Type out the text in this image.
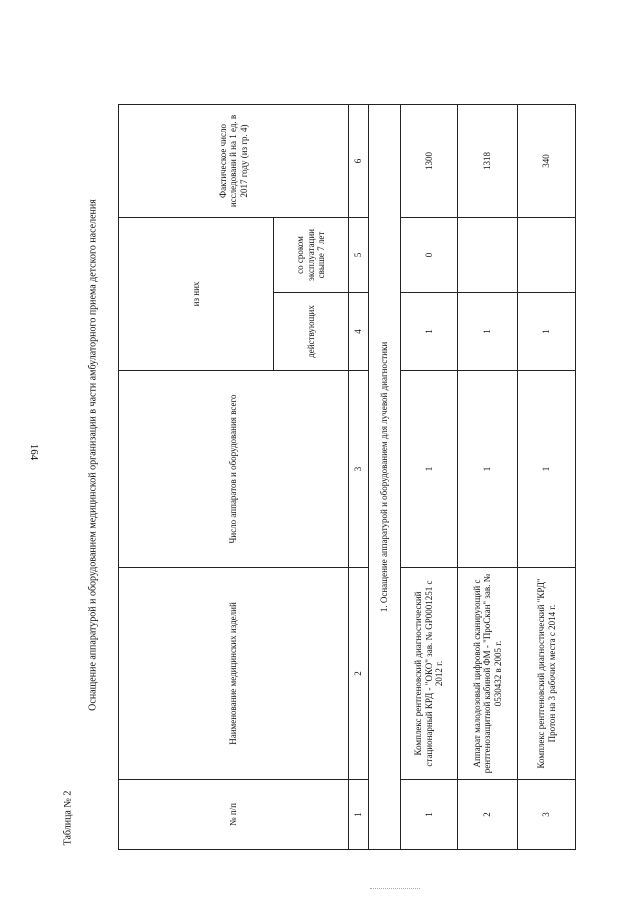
164
Таблица № 2
Оснащение аппаратурой и оборудованием медицинской организации в части амбулаторного приема детского населения
№ п/п	Наименование медицинских изделий	Число аппаратов и оборудования всего	из них		Фактическое число исследовани й на 1 ед. в 2017 году (из гр. 4)
			действующих	со сроком эксплуатации свыше 7 лет	
1	2	3	4	5	6
1. Оснащение аппаратурой и оборудованием для лучевой диагностики					
1	Комплекс рентгеновский диагностический стационарный КРД - "ОКО" зав. № GP0001251 с 2012 г.	1	1	0	1300
2	Аппарат малодозовый цифровой сканирующий с рентгенозащитной кабиной ФМ - "ПроСкан" зав. № 0530432 в 2005 г.	1	1		1318
3	Комплекс рентгеновский диагностический "КРД" Протон на 3 рабочих места с 2014 г.	1	1		340
